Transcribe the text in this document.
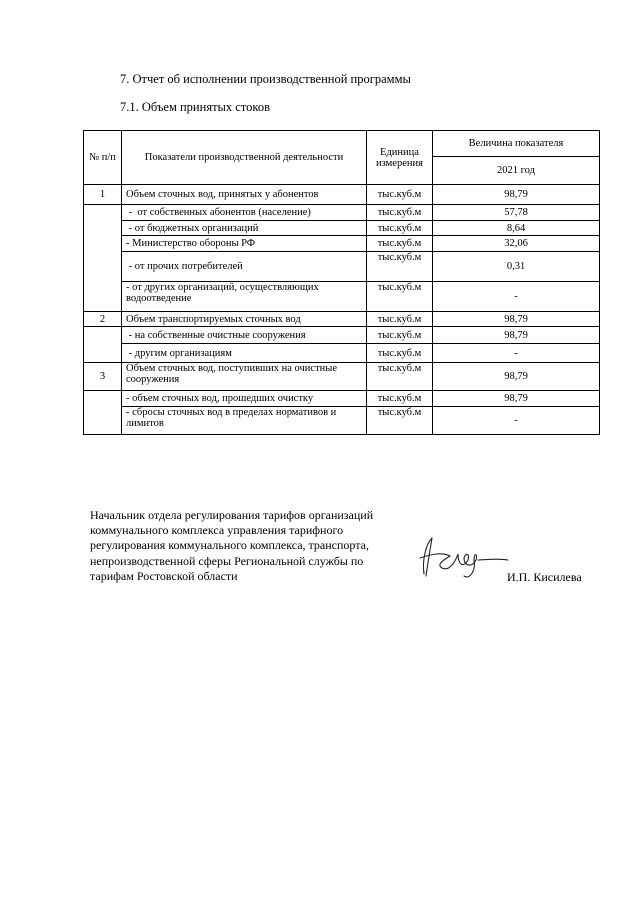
7. Отчет об исполнении производственной программы
7.1. Объем принятых стоков
№ п/п	Показатели производственной деятельности	Единица измерения	Величина показателя
			2021 год
1	Объем сточных вод, принятых у абонентов	тыс.куб.м	98,79
	-  от собственных абонентов (население)	тыс.куб.м	57,78
	- от бюджетных организаций	тыс.куб.м	8,64
	- Министерство обороны РФ	тыс.куб.м	32,06
	- от прочих потребителей	тыс.куб.м	0,31
	- от других организаций, осуществляющих водоотведение	тыс.куб.м	-
2	Объем транспортируемых сточных вод	тыс.куб.м	98,79
	- на собственные очистные сооружения	тыс.куб.м	98,79
	- другим организациям	тыс.куб.м	-
3	Объем сточных вод, поступивших на очистные сооружения	тыс.куб.м	98,79
	- объем сточных вод, прошедших очистку	тыс.куб.м	98,79
	- сбросы сточных вод в пределах нормативов и лимитов	тыс.куб.м	-
Начальник отдела регулирования тарифов организаций
коммунального комплекса управления тарифного
регулирования коммунального комплекса, транспорта,
непроизводственной сферы Региональной службы по
тарифам Ростовской области	И.П. Кисилева
